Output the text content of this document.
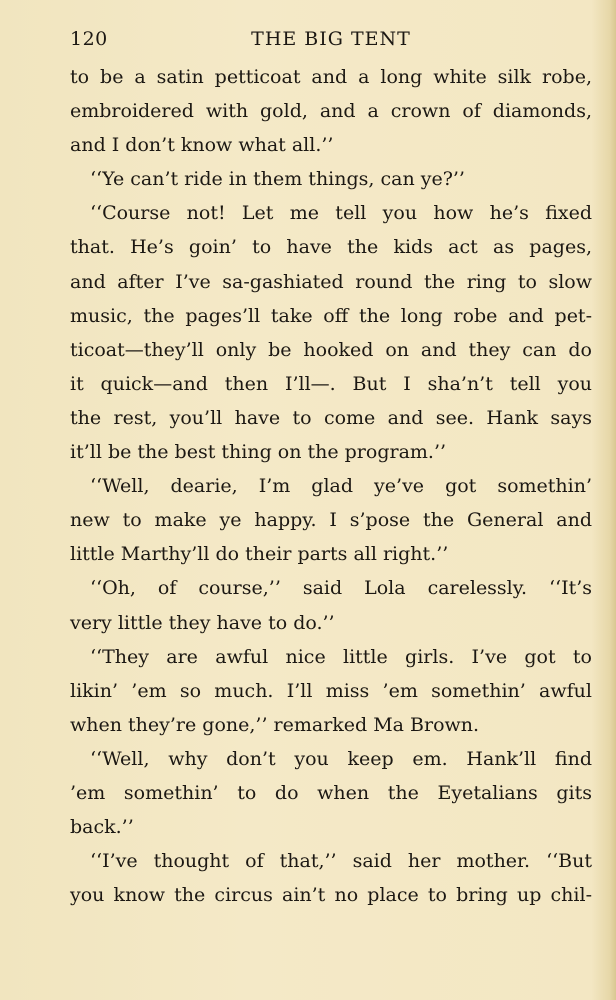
120	THE BIG TENT
to be a satin petticoat and a long white silk robe,
embroidered with gold, and a crown of diamonds,
and I don’t know what all.’’
‘‘Ye can’t ride in them things, can ye?’’
‘‘Course not! Let me tell you how he’s fixed
that. He’s goin’ to have the kids act as pages,
and after I’ve sa-gashiated round the ring to slow
music, the pages’ll take off the long robe and pet-
ticoat—they’ll only be hooked on and they can do
it quick—and then I’ll—. But I sha’n’t tell you
the rest, you’ll have to come and see. Hank says
it’ll be the best thing on the program.’’
‘‘Well, dearie, I’m glad ye’ve got somethin’
new to make ye happy. I s’pose the General and
little Marthy’ll do their parts all right.’’
‘‘Oh, of course,’’ said Lola carelessly. ‘‘It’s
very little they have to do.’’
‘‘They are awful nice little girls. I’ve got to
likin’ ’em so much. I’ll miss ’em somethin’ awful
when they’re gone,’’ remarked Ma Brown.
‘‘Well, why don’t you keep em. Hank’ll find
’em somethin’ to do when the Eyetalians gits
back.’’
‘‘I’ve thought of that,’’ said her mother. ‘‘But
you know the circus ain’t no place to bring up chil-
